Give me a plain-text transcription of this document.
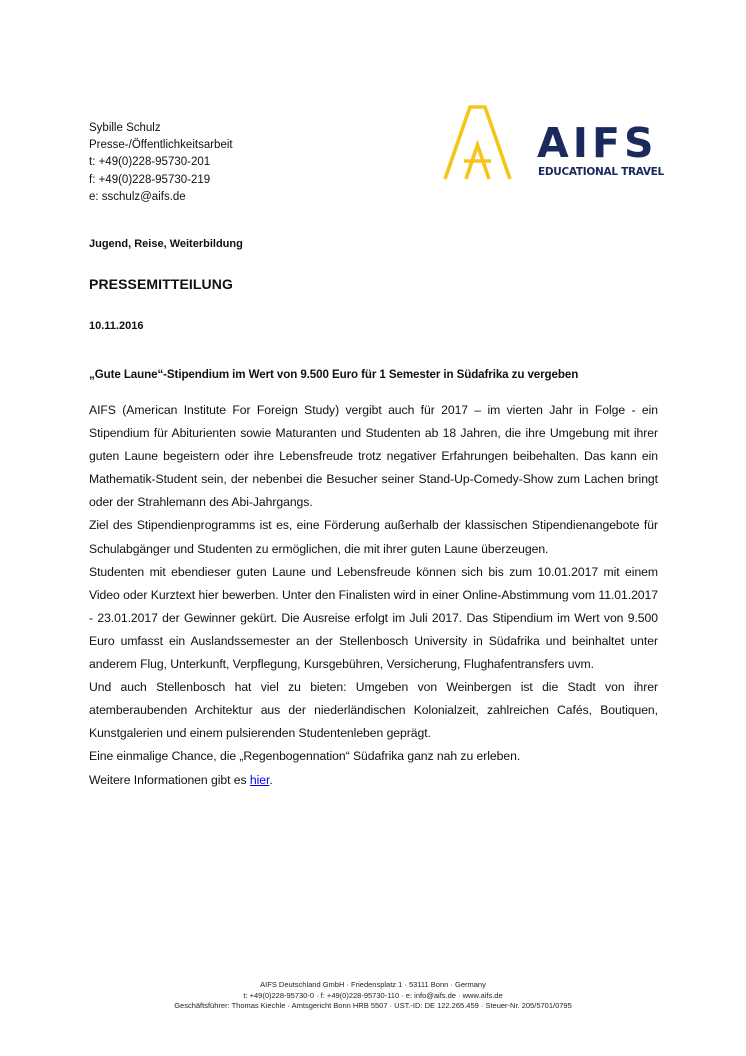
Sybille Schulz
Presse-/Öffentlichkeitsarbeit
t: +49(0)228-95730-201
f: +49(0)228-95730-219
e: sschulz@aifs.de
AIFS
EDUCATIONAL TRAVEL
Jugend, Reise, Weiterbildung
PRESSEMITTEILUNG
10.11.2016
„Gute Laune“-Stipendium im Wert von 9.500 Euro für 1 Semester in Südafrika zu vergeben

AIFS (American Institute For Foreign Study) vergibt auch für 2017 – im vierten Jahr in Folge - ein Stipendium für Abiturienten sowie Maturanten und Studenten ab 18 Jahren, die ihre Umgebung mit ihrer guten Laune begeistern oder ihre Lebensfreude trotz negativer Erfahrungen beibehalten. Das kann ein Mathematik-Student sein, der nebenbei die Besucher seiner Stand-Up-Comedy-Show zum Lachen bringt oder der Strahlemann des Abi-Jahrgangs.

Ziel des Stipendienprogramms ist es, eine Förderung außerhalb der klassischen Stipendienangebote für Schulabgänger und Studenten zu ermöglichen, die mit ihrer guten Laune überzeugen.

Studenten mit ebendieser guten Laune und Lebensfreude können sich bis zum 10.01.2017 mit einem Video oder Kurztext hier bewerben. Unter den Finalisten wird in einer Online-Abstimmung vom 11.01.2017 - 23.01.2017 der Gewinner gekürt. Die Ausreise erfolgt im Juli 2017. Das Stipendium im Wert von 9.500 Euro umfasst ein Auslandssemester an der Stellenbosch University in Südafrika und beinhaltet unter anderem Flug, Unterkunft, Verpflegung, Kursgebühren, Versicherung, Flughafentransfers uvm.

Und auch Stellenbosch hat viel zu bieten: Umgeben von Weinbergen ist die Stadt von ihrer atemberaubenden Architektur aus der niederländischen Kolonialzeit, zahlreichen Cafés, Boutiquen, Kunstgalerien und einem pulsierenden Studentenleben geprägt.

Eine einmalige Chance, die „Regenbogennation“ Südafrika ganz nah zu erleben.

Weitere Informationen gibt es hier.

AIFS Deutschland GmbH · Friedensplatz 1 · 53111 Bonn · Germany
t: +49(0)228-95730-0 · f: +49(0)228-95730-110 · e: info@aifs.de · www.aifs.de
Geschäftsführer: Thomas Kiechle · Amtsgericht Bonn HRB 5507 · UST.-ID: DE 122.265.459 · Steuer-Nr. 205/5701/0795
